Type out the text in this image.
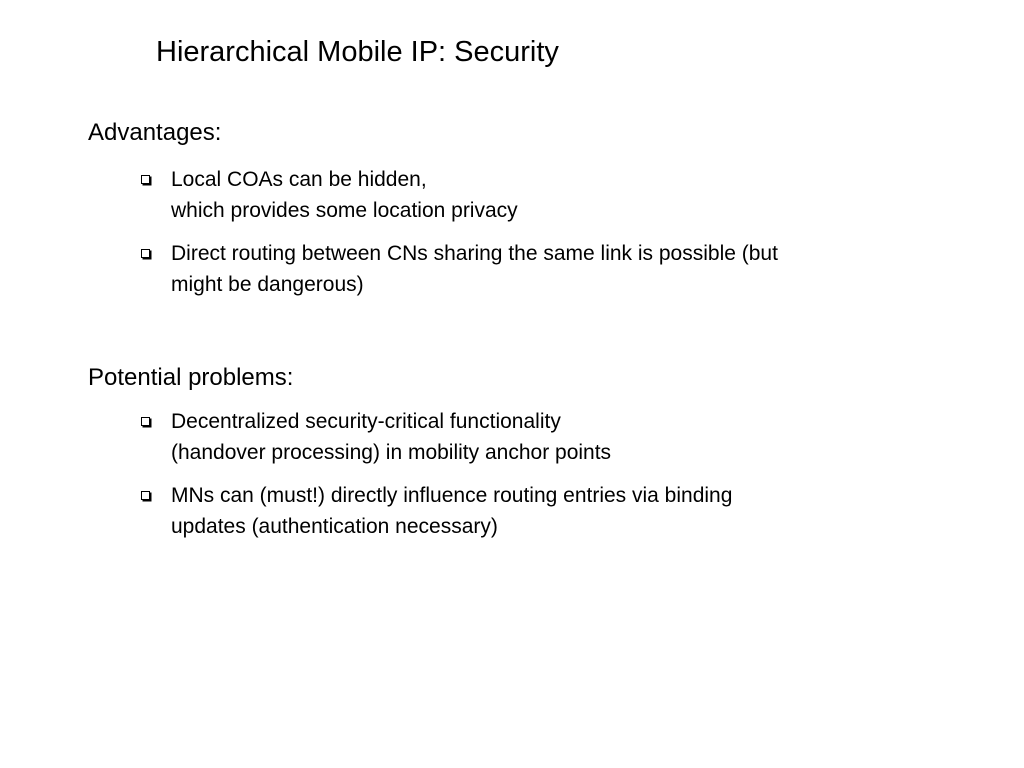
Hierarchical Mobile IP: Security
Advantages:
Local COAs can be hidden,
which provides some location privacy
Direct routing between CNs sharing the same link is possible (but
might be dangerous)
Potential problems:
Decentralized security-critical functionality
(handover processing) in mobility anchor points
MNs can (must!) directly influence routing entries via binding
updates (authentication necessary)
